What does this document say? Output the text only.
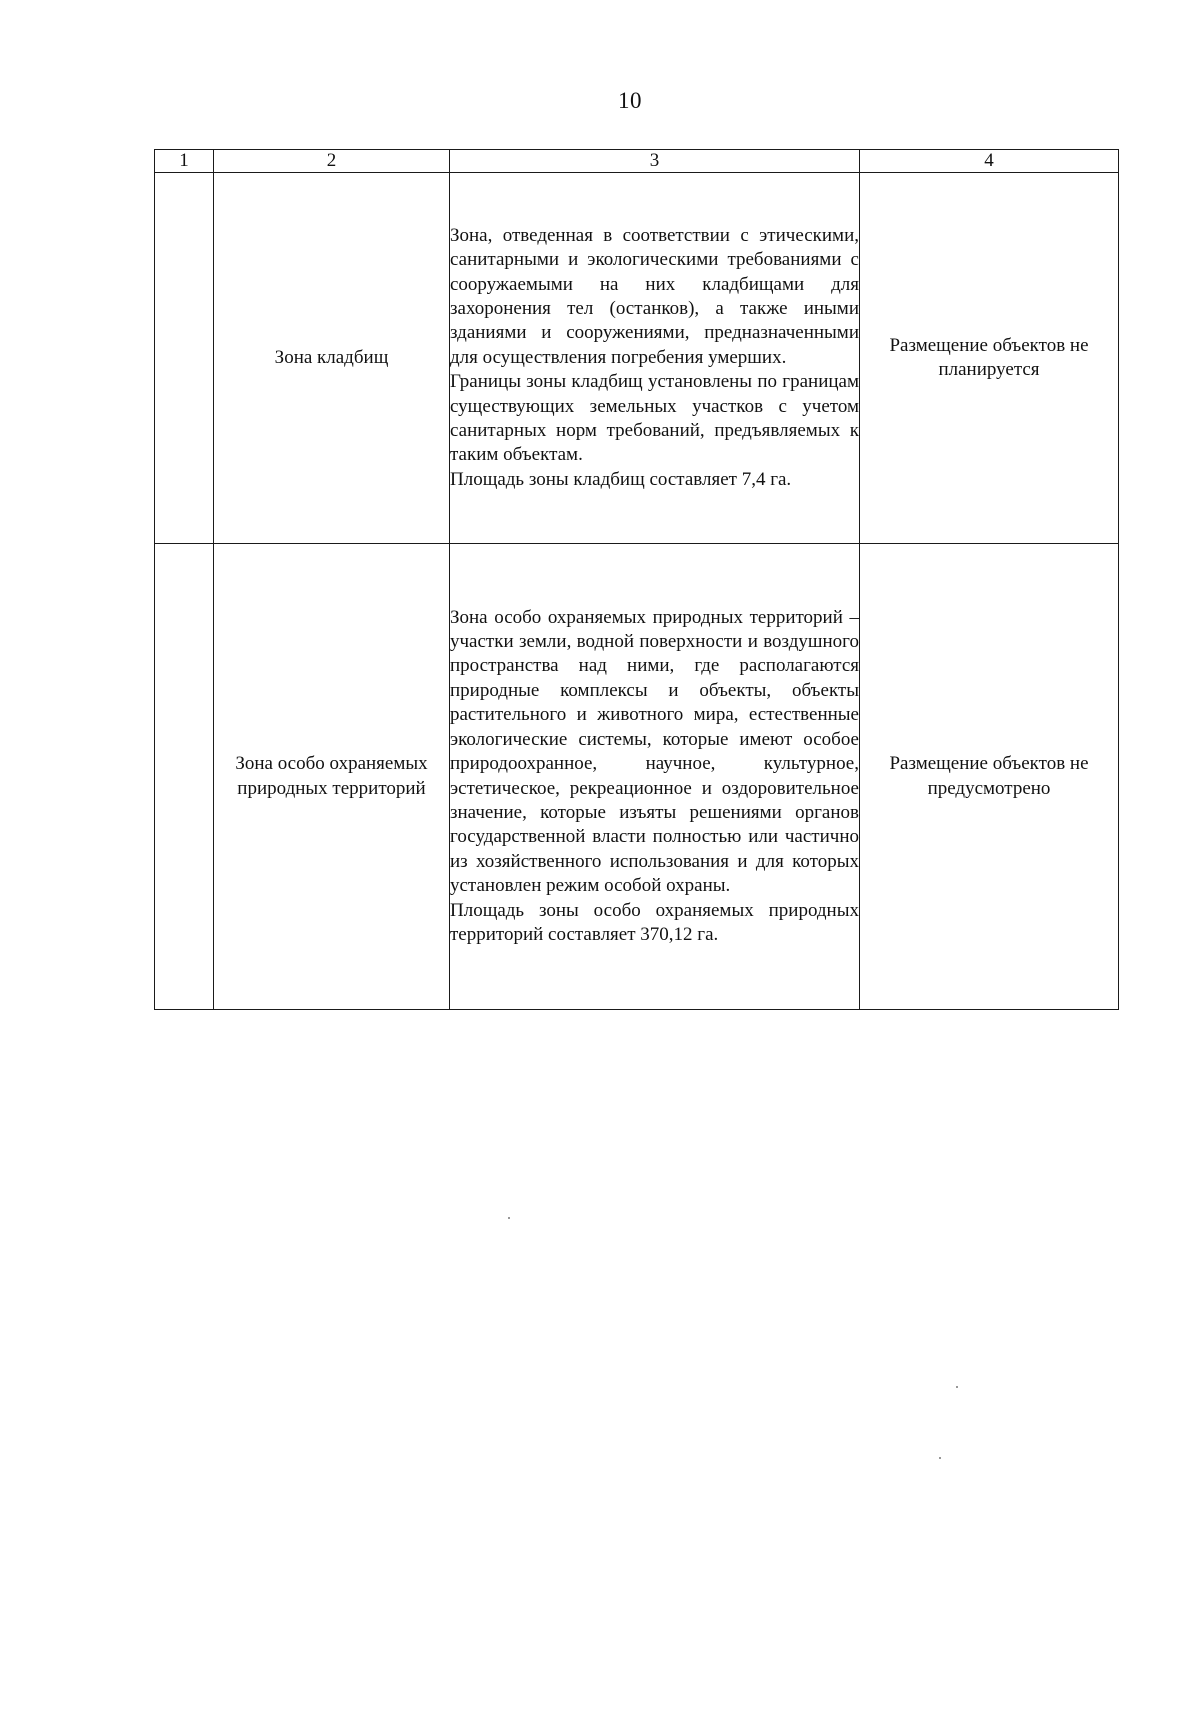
10
1	2	3	4
	Зона кладбищ	Зона, отведенная в соответствии с этическими, санитарными и экологическими требованиями с сооружаемыми на них кладбищами для захоронения тел (останков), а также иными зданиями и сооружениями, предназначенными для осуществления погребения умерших.
Границы зоны кладбищ установлены по границам существующих земельных участков с учетом санитарных норм требований, предъявляемых к таким объектам.
Площадь зоны кладбищ составляет 7,4 га.	Размещение объектов не планируется
	Зона особо охраняемых природных территорий	Зона особо охраняемых природных территорий – участки земли, водной поверхности и воздушного пространства над ними, где располагаются природные комплексы и объекты, объекты растительного и животного мира, естественные экологические системы, которые имеют особое природоохранное, научное, культурное, эстетическое, рекреационное и оздоровительное значение, которые изъяты решениями органов государственной власти полностью или частично из хозяйственного использования и для которых установлен режим особой охраны.
Площадь зоны особо охраняемых природных территорий составляет 370,12 га.	Размещение объектов не предусмотрено
